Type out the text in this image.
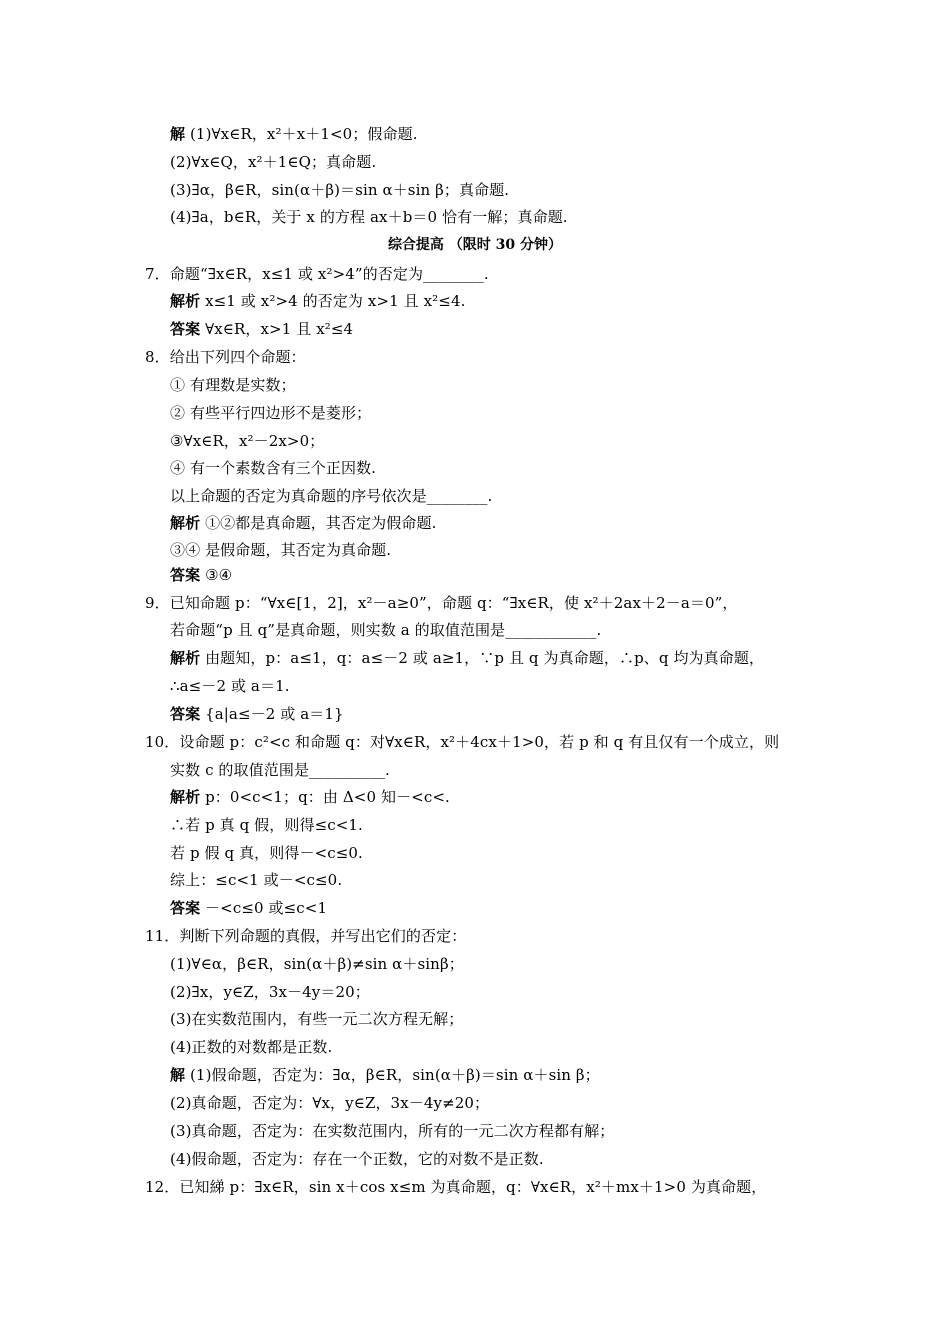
综合提高 （限时 30 分钟）
解 (1)∀x∈R，x²＋x＋1<0；假命题.
(2)∀x∈Q，x²＋1∈Q；真命题.
(3)∃α，β∈R，sin(α＋β)＝sin α＋sin β；真命题.
(4)∃a，b∈R，关于 x 的方程 ax＋b＝0 恰有一解；真命题.
7．命题“∃x∈R，x≤1 或 x²>4”的否定为________.
解析 x≤1 或 x²>4 的否定为 x>1 且 x²≤4.
答案 ∀x∈R，x>1 且 x²≤4
8．给出下列四个命题：
① 有理数是实数；
② 有些平行四边形不是菱形；
③∀x∈R，x²－2x>0；
④ 有一个素数含有三个正因数.
以上命题的否定为真命题的序号依次是________.
解析 ①②都是真命题，其否定为假命题.
③④ 是假命题，其否定为真命题.
答案 ③④
9．已知命题 p：“∀x∈[1，2]，x²－a≥0”，命题 q：“∃x∈R，使 x²＋2ax＋2－a＝0”，
若命题“p 且 q”是真命题，则实数 a 的取值范围是____________.
解析 由题知，p：a≤1，q：a≤－2 或 a≥1，∵p 且 q 为真命题，∴p、q 均为真命题，
∴a≤－2 或 a＝1.
答案 {a|a≤－2 或 a＝1}
10．设命题 p：c²<c 和命题 q：对∀x∈R，x²＋4cx＋1>0，若 p 和 q 有且仅有一个成立，则
实数 c 的取值范围是__________.
解析 p：0<c<1；q：由 Δ<0 知－<c<.
∴若 p 真 q 假，则得≤c<1.
若 p 假 q 真，则得－<c≤0.
综上：≤c<1 或－<c≤0.
答案 －<c≤0 或≤c<1
11．判断下列命题的真假，并写出它们的否定：
(1)∀∈α，β∈R，sin(α＋β)≠sin α＋sinβ；
(2)∃x，y∈Z，3x－4y＝20；
(3)在实数范围内，有些一元二次方程无解；
(4)正数的对数都是正数.
解 (1)假命题，否定为：∃α，β∈R，sin(α＋β)＝sin α＋sin β；
(2)真命题，否定为：∀x，y∈Z，3x－4y≠20；
(3)真命题，否定为：在实数范围内，所有的一元二次方程都有解；
(4)假命题，否定为：存在一个正数，它的对数不是正数.
12．已知綈 p：∃x∈R，sin x＋cos x≤m 为真命题，q：∀x∈R，x²＋mx＋1>0 为真命题，
